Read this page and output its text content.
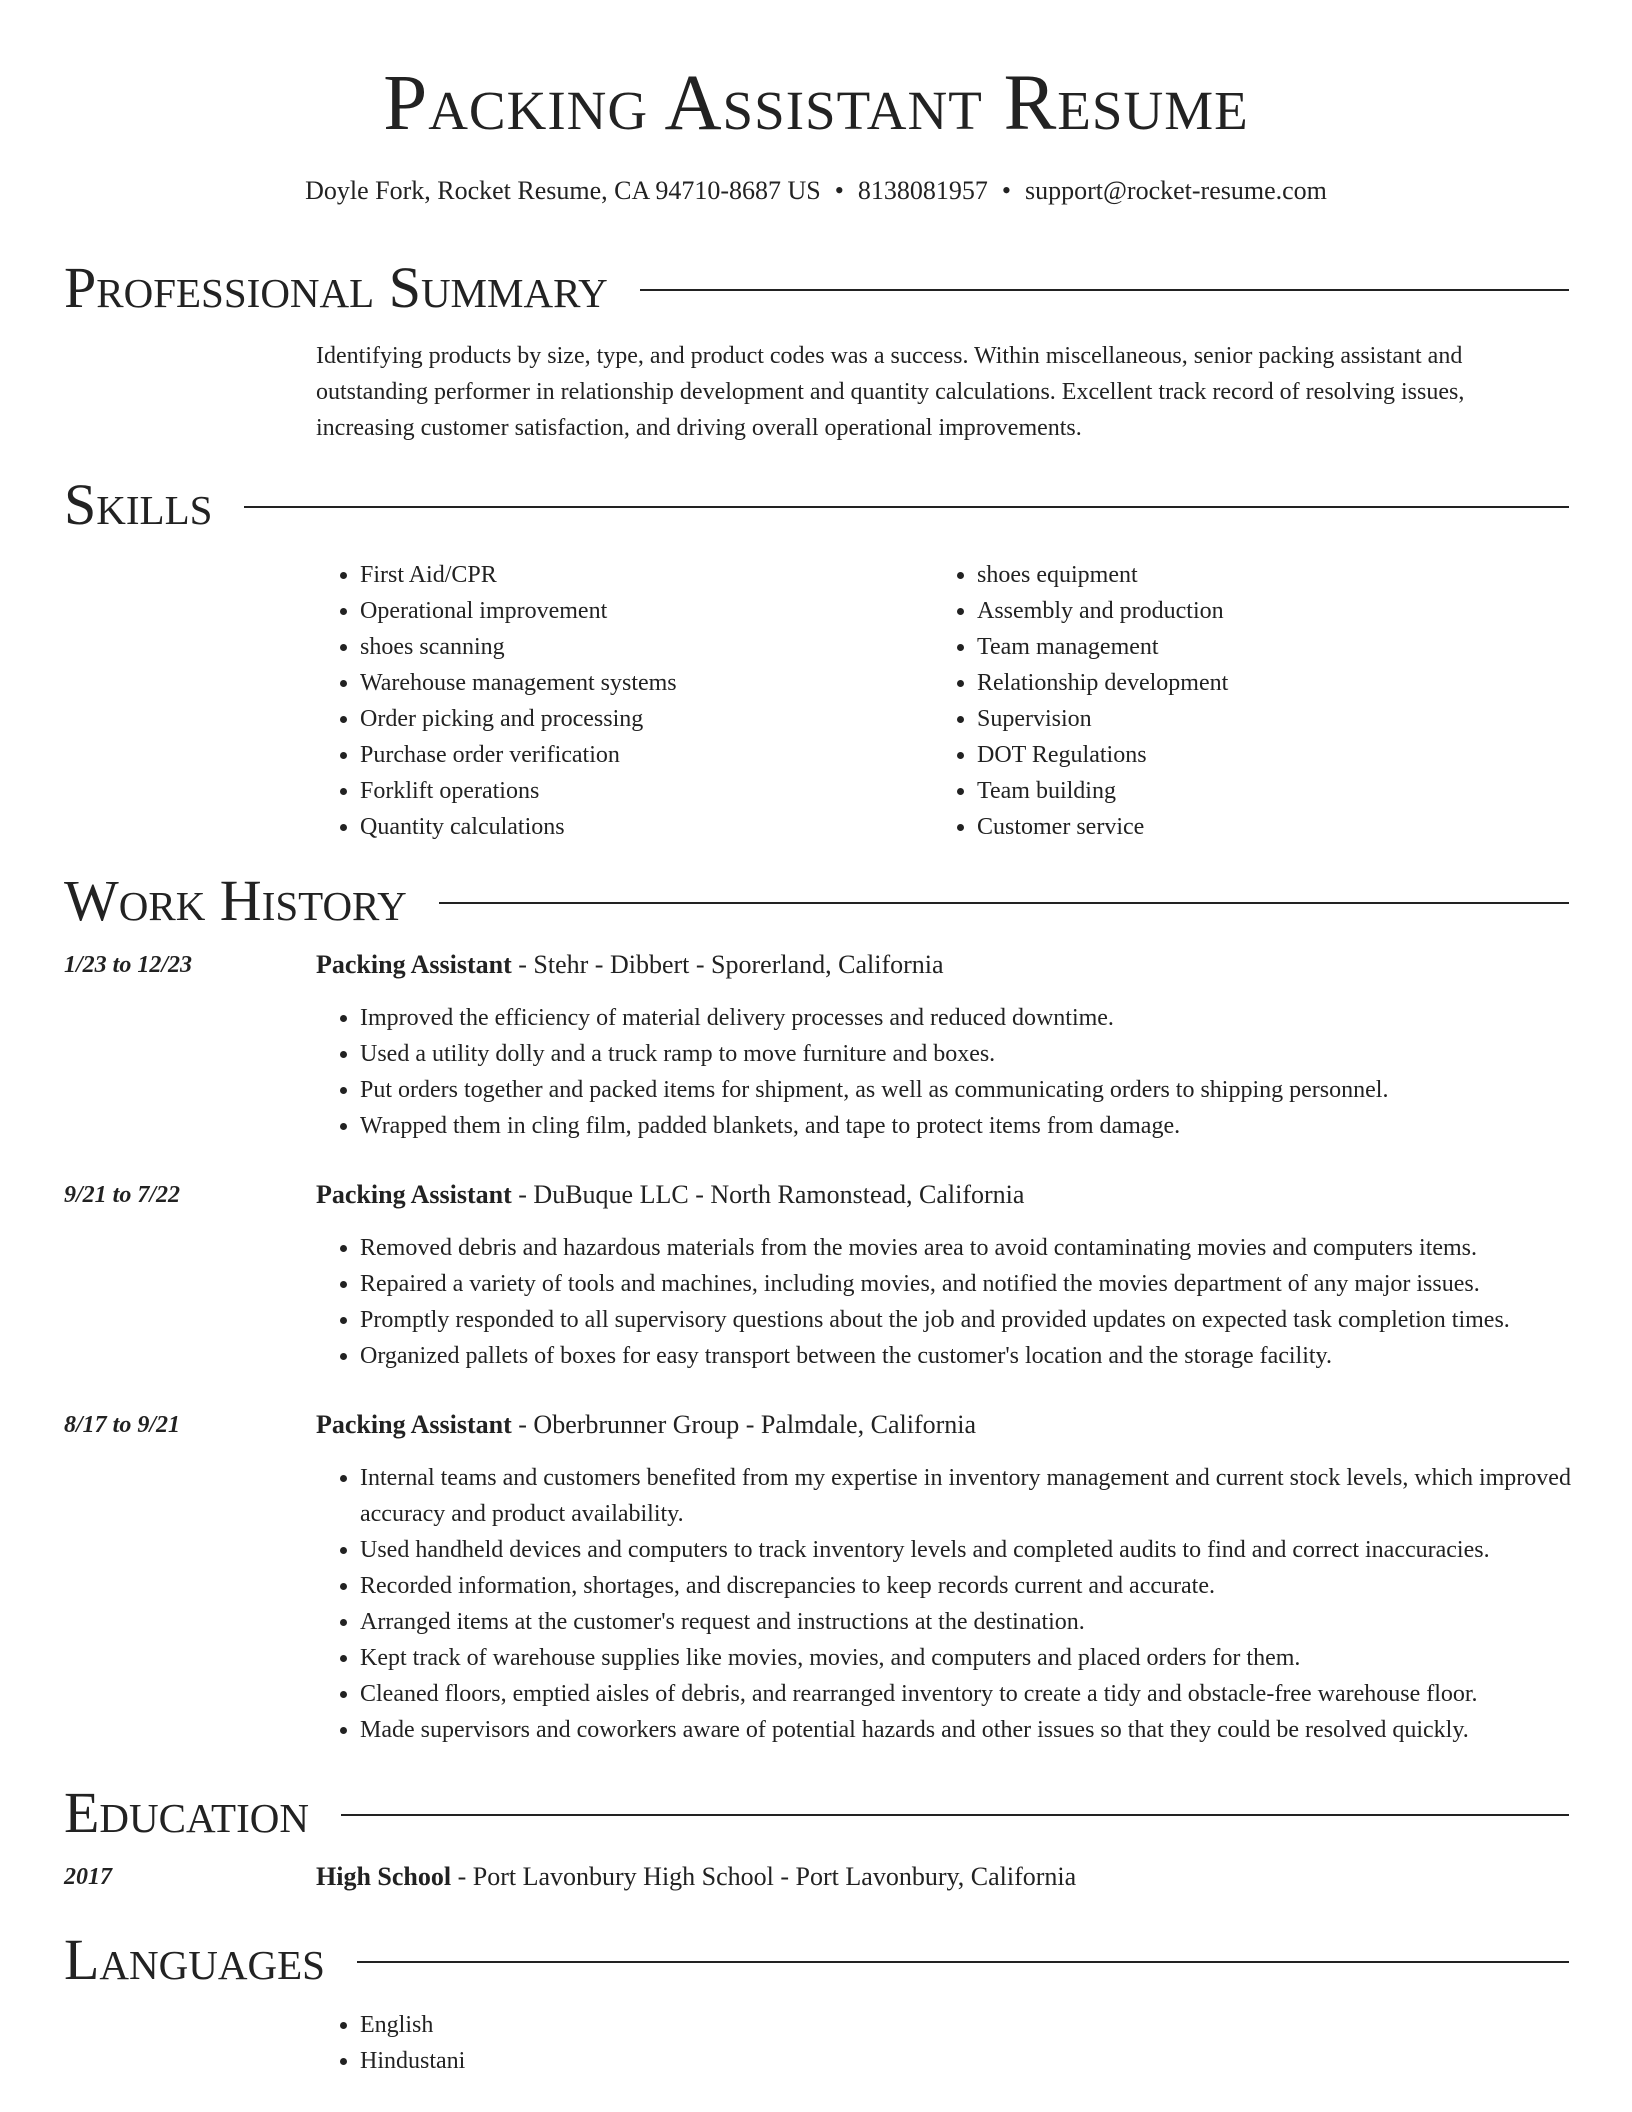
Packing Assistant Resume
Doyle Fork, Rocket Resume, CA 94710-8687 US • 8138081957 • support@rocket-resume.com
Professional Summary
Identifying products by size, type, and product codes was a success. Within miscellaneous, senior packing assistant and outstanding performer in relationship development and quantity calculations. Excellent track record of resolving issues, increasing customer satisfaction, and driving overall operational improvements.
Skills
• First Aid/CPR
• Operational improvement
• shoes scanning
• Warehouse management systems
• Order picking and processing
• Purchase order verification
• Forklift operations
• Quantity calculations
• shoes equipment
• Assembly and production
• Team management
• Relationship development
• Supervision
• DOT Regulations
• Team building
• Customer service
Work History
1/23 to 12/23	Packing Assistant - Stehr - Dibbert - Sporerland, California
• Improved the efficiency of material delivery processes and reduced downtime.
• Used a utility dolly and a truck ramp to move furniture and boxes.
• Put orders together and packed items for shipment, as well as communicating orders to shipping personnel.
• Wrapped them in cling film, padded blankets, and tape to protect items from damage.
9/21 to 7/22	Packing Assistant - DuBuque LLC - North Ramonstead, California
• Removed debris and hazardous materials from the movies area to avoid contaminating movies and computers items.
• Repaired a variety of tools and machines, including movies, and notified the movies department of any major issues.
• Promptly responded to all supervisory questions about the job and provided updates on expected task completion times.
• Organized pallets of boxes for easy transport between the customer's location and the storage facility.
8/17 to 9/21	Packing Assistant - Oberbrunner Group - Palmdale, California
• Internal teams and customers benefited from my expertise in inventory management and current stock levels, which improved accuracy and product availability.
• Used handheld devices and computers to track inventory levels and completed audits to find and correct inaccuracies.
• Recorded information, shortages, and discrepancies to keep records current and accurate.
• Arranged items at the customer's request and instructions at the destination.
• Kept track of warehouse supplies like movies, movies, and computers and placed orders for them.
• Cleaned floors, emptied aisles of debris, and rearranged inventory to create a tidy and obstacle-free warehouse floor.
• Made supervisors and coworkers aware of potential hazards and other issues so that they could be resolved quickly.
Education
2017	High School - Port Lavonbury High School - Port Lavonbury, California
Languages
• English
• Hindustani
